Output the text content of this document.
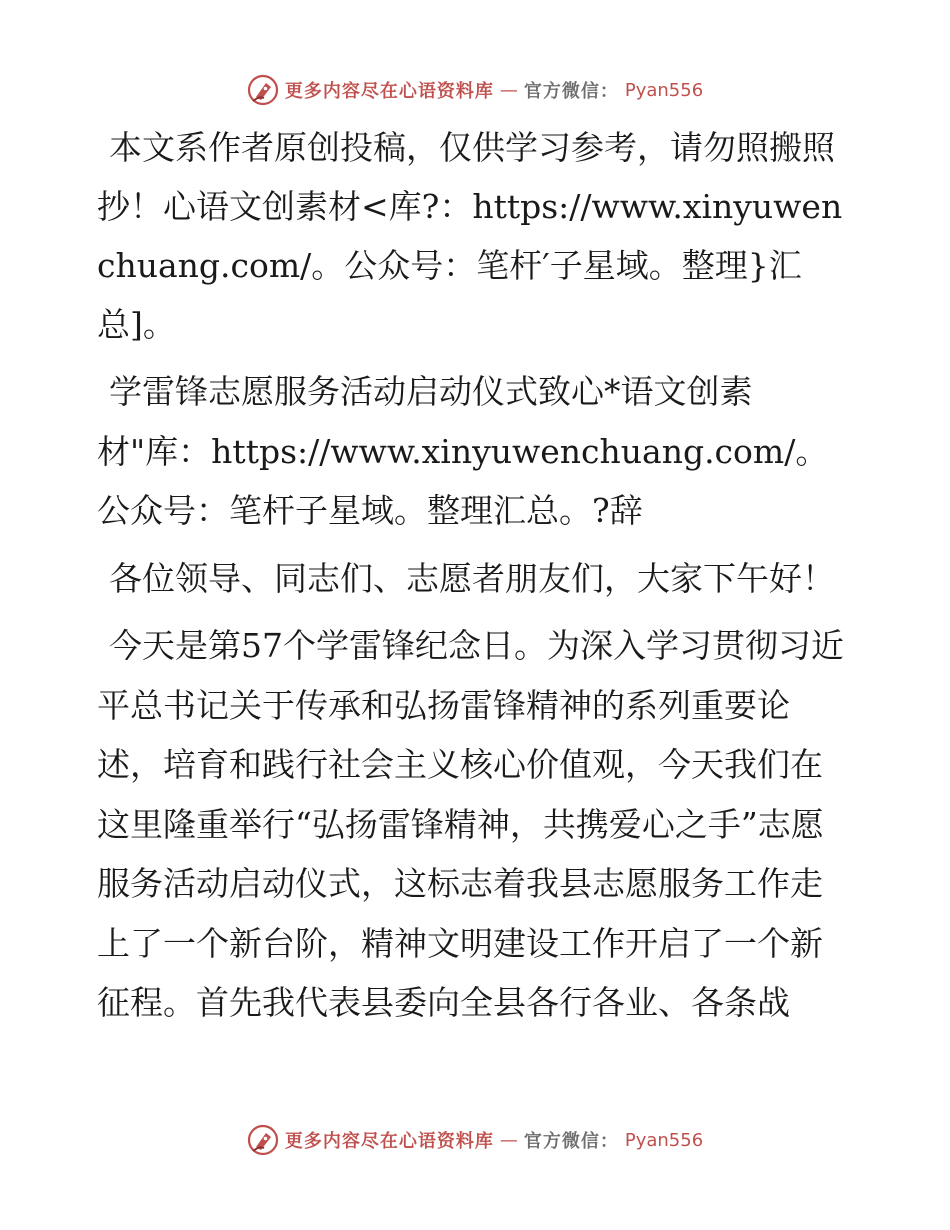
更多内容尽在心语资料库 — 官方微信： Pyan556

本文系作者原创投稿，仅供学习参考，请勿照搬照抄！心语文创素材<库?：https://www.xinyuwenchuang.com/。公众号：笔杆′子星域。整理}汇总]。

学雷锋志愿服务活动启动仪式致心*语文创素材"库：https://www.xinyuwenchuang.com/。公众号：笔杆子星域。整理汇总。?辞

各位领导、同志们、志愿者朋友们，大家下午好！

今天是第57个学雷锋纪念日。为深入学习贯彻习近平总书记关于传承和弘扬雷锋精神的系列重要论述，培育和践行社会主义核心价值观，今天我们在这里隆重举行“弘扬雷锋精神，共携爱心之手”志愿服务活动启动仪式，这标志着我县志愿服务工作走上了一个新台阶，精神文明建设工作开启了一个新征程。首先我代表县委向全县各行各业、各条战

更多内容尽在心语资料库 — 官方微信： Pyan556
